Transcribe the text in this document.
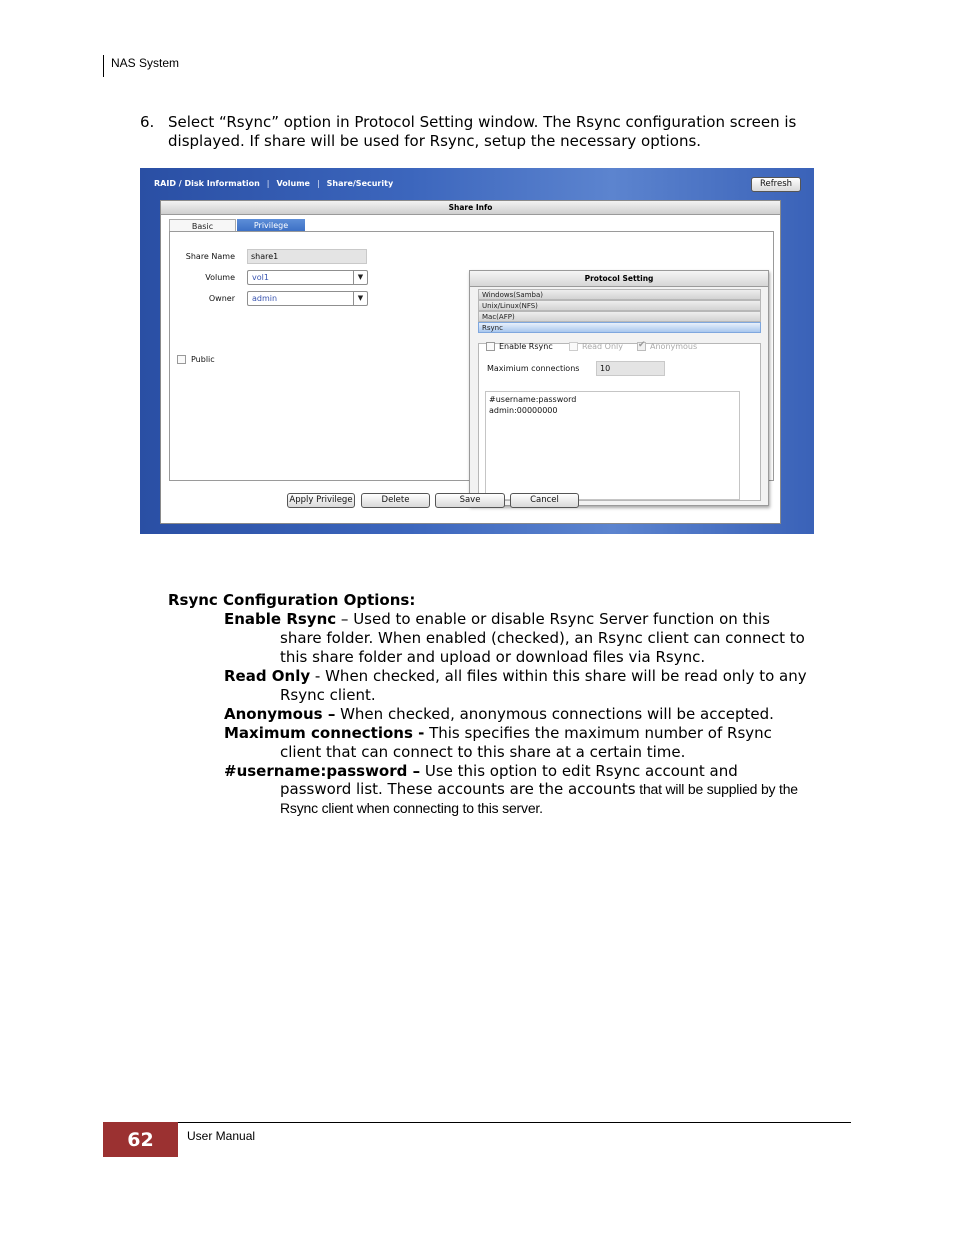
NAS System
6. Select “Rsync” option in Protocol Setting window. The Rsync configuration screen is
displayed. If share will be used for Rsync, setup the necessary options.
RAID / Disk Information | Volume | Share/Security	Refresh
Share Info
Basic	Privilege
Share Name	share1
Volume	vol1	▼
Owner	admin	▼
Public
Protocol Setting
Windows(Samba)
Unix/Linux(NFS)
Mac(AFP)
Rsync
Enable Rsync	Read Only ✔ Anonymous
Maximium connections	10
#username:password
admin:00000000
Apply Privilege	Delete	Save	Cancel
Rsync Configuration Options:
Enable Rsync – Used to enable or disable Rsync Server function on this
share folder. When enabled (checked), an Rsync client can connect to
this share folder and upload or download files via Rsync.
Read Only - When checked, all files within this share will be read only to any
Rsync client.
Anonymous – When checked, anonymous connections will be accepted.
Maximum connections - This specifies the maximum number of Rsync
client that can connect to this share at a certain time.
#username:password – Use this option to edit Rsync account and
password list. These accounts are the accounts that will be supplied by the
Rsync client when connecting to this server.
62	User Manual
